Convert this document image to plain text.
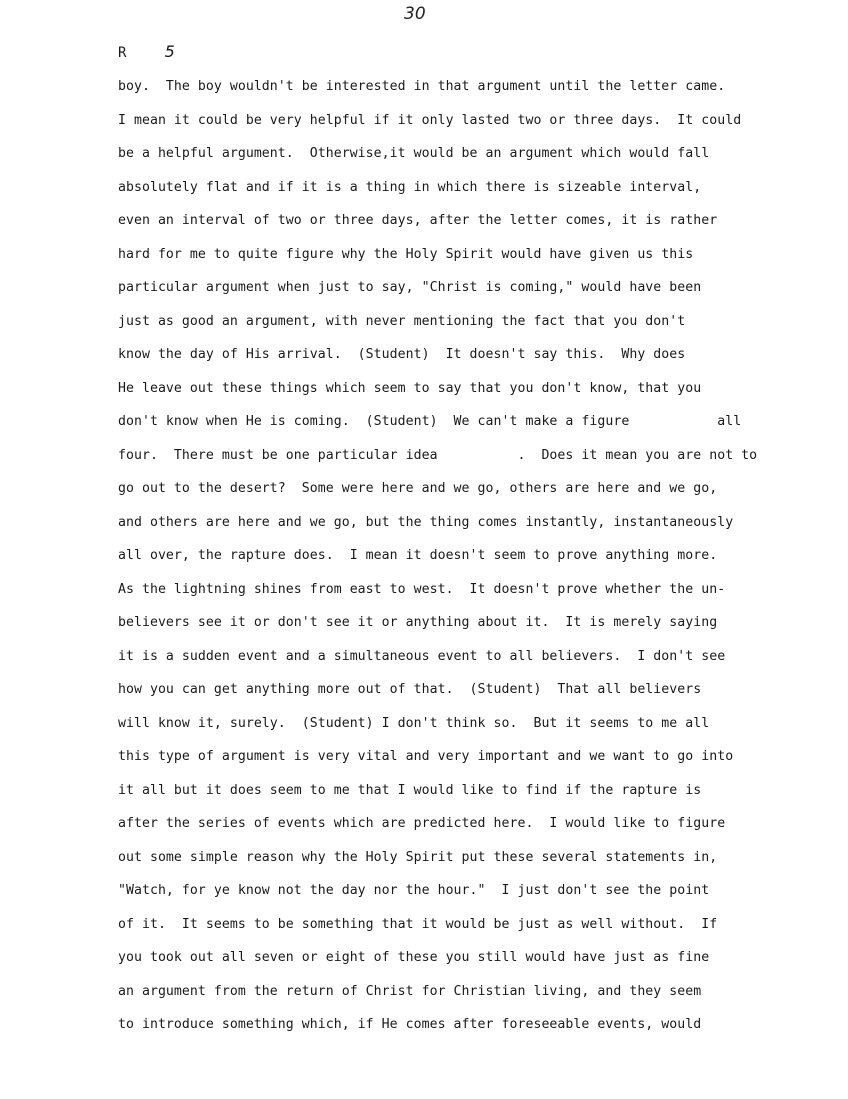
30
R 5
boy.  The boy wouldn't be interested in that argument until the letter came.
I mean it could be very helpful if it only lasted two or three days.  It could
be a helpful argument.  Otherwise,it would be an argument which would fall
absolutely flat and if it is a thing in which there is sizeable interval,
even an interval of two or three days, after the letter comes, it is rather
hard for me to quite figure why the Holy Spirit would have given us this
particular argument when just to say, "Christ is coming," would have been
just as good an argument, with never mentioning the fact that you don't
know the day of His arrival.  (Student)  It doesn't say this.  Why does
He leave out these things which seem to say that you don't know, that you
don't know when He is coming.  (Student)  We can't make a figure           all
four.  There must be one particular idea          .  Does it mean you are not to
go out to the desert?  Some were here and we go, others are here and we go,
and others are here and we go, but the thing comes instantly, instantaneously
all over, the rapture does.  I mean it doesn't seem to prove anything more.
As the lightning shines from east to west.  It doesn't prove whether the un-
believers see it or don't see it or anything about it.  It is merely saying
it is a sudden event and a simultaneous event to all believers.  I don't see
how you can get anything more out of that.  (Student)  That all believers
will know it, surely.  (Student) I don't think so.  But it seems to me all
this type of argument is very vital and very important and we want to go into
it all but it does seem to me that I would like to find if the rapture is
after the series of events which are predicted here.  I would like to figure
out some simple reason why the Holy Spirit put these several statements in,
"Watch, for ye know not the day nor the hour."  I just don't see the point
of it.  It seems to be something that it would be just as well without.  If
you took out all seven or eight of these you still would have just as fine
an argument from the return of Christ for Christian living, and they seem
to introduce something which, if He comes after foreseeable events, would
